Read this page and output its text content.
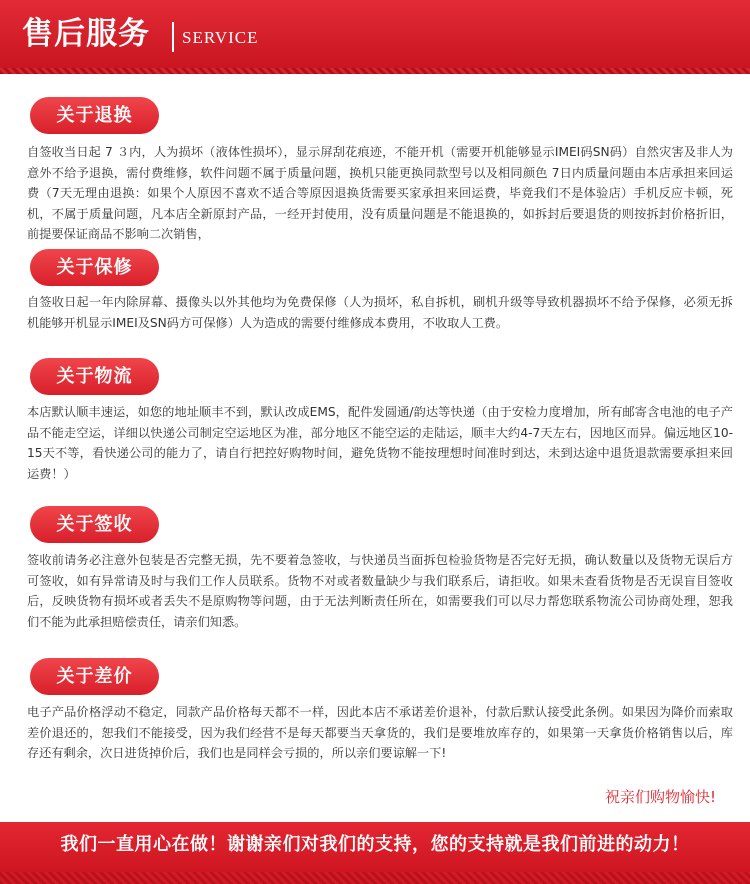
售后服务 SERVICE
关于退换
自签收当日起 7 ３内，人为损坏（液体性损坏），显示屏刮花痕迹，不能开机（需要开机能够显示IMEI码SN码）自然灾害及非人为意外不给予退换，需付费维修，软件问题不属于质量问题，换机只能更换同款型号以及相同颜色 7日内质量问题由本店承担来回运费（7天无理由退换：如果个人原因不喜欢不适合等原因退换货需要买家承担来回运费，毕竟我们不是体验店）手机反应卡顿，死机，不属于质量问题，凡本店全新原封产品，一经开封使用，没有质量问题是不能退换的，如拆封后要退货的则按拆封价格折旧，前提要保证商品不影响二次销售，
关于保修
自签收日起一年内除屏幕、摄像头以外其他均为免费保修（人为损坏，私自拆机，刷机升级等导致机器损坏不给予保修，必须无拆机能够开机显示IMEI及SN码方可保修）人为造成的需要付维修成本费用，不收取人工费。
关于物流
本店默认顺丰速运，如您的地址顺丰不到，默认改成EMS，配件发圆通/韵达等快递（由于安检力度增加，所有邮寄含电池的电子产品不能走空运，详细以快递公司制定空运地区为准，部分地区不能空运的走陆运，顺丰大约4-7天左右，因地区而异。偏远地区10-15天不等，看快递公司的能力了，请自行把控好购物时间，避免货物不能按理想时间准时到达，未到达途中退货退款需要承担来回运费！）
关于签收
签收前请务必注意外包装是否完整无损，先不要着急签收，与快递员当面拆包检验货物是否完好无损，确认数量以及货物无误后方可签收，如有异常请及时与我们工作人员联系。货物不对或者数量缺少与我们联系后，请拒收。如果未查看货物是否无误盲目签收后，反映货物有损坏或者丢失不是原购物等问题，由于无法判断责任所在，如需要我们可以尽力帮您联系物流公司协商处理，恕我们不能为此承担赔偿责任，请亲们知悉。
关于差价
电子产品价格浮动不稳定，同款产品价格每天都不一样，因此本店不承诺差价退补，付款后默认接受此条例。如果因为降价而索取差价退还的，恕我们不能接受，因为我们经营不是每天都要当天拿货的，我们是要堆放库存的，如果第一天拿货价格销售以后，库存还有剩余，次日进货掉价后，我们也是同样会亏损的，所以亲们要谅解一下!
祝亲们购物愉快!
我们一直用心在做！谢谢亲们对我们的支持，您的支持就是我们前进的动力！
